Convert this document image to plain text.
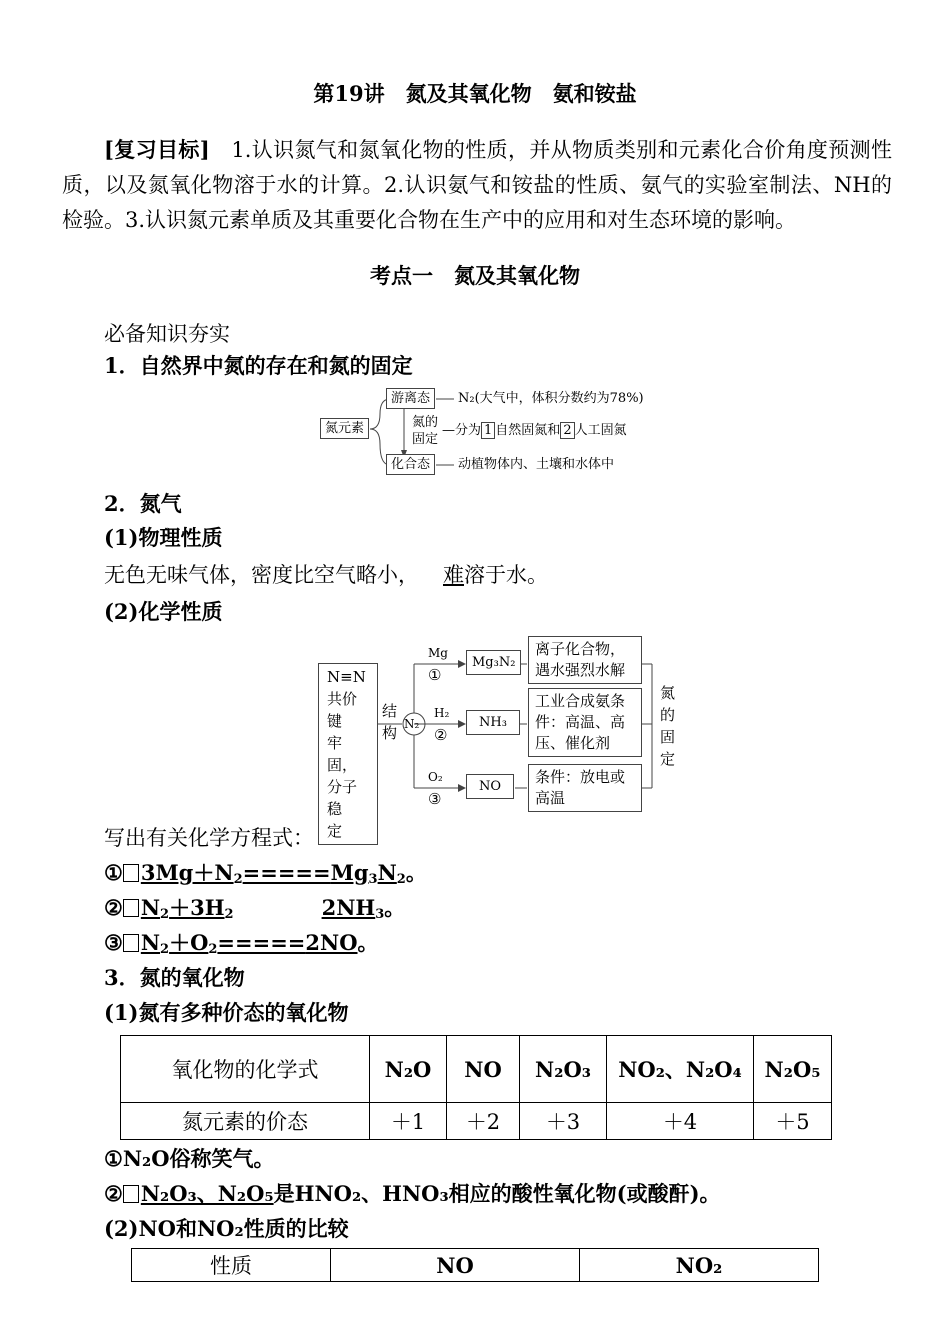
第19讲　氮及其氧化物　氨和铵盐
[复习目标]　1.认识氮气和氮氧化物的性质，并从物质类别和元素化合价角度预测性质，以及氮氧化物溶于水的计算。2.认识氨气和铵盐的性质、氨气的实验室制法、NH的检验。3.认识氮元素单质及其重要化合物在生产中的应用和对生态环境的影响。
考点一　氮及其氧化物
必备知识夯实
1．自然界中氮的存在和氮的固定
氮元素
游离态	N₂(大气中，体积分数约为78%)
氮的
固定
—分为 1 自然固氮和 2 人工固氮
化合态	动植物体内、土壤和水体中
2．氮气
(1)物理性质
无色无味气体，密度比空气略小， 难溶于水。
(2)化学性质
N≡N
共价键
牢固，
分子稳
定
结
构 N₂
Mg
①
Mg₃N₂
离子化合物，
遇水强烈水解
H₂
②
NH₃
工业合成氨条
件：高温、高
压、催化剂
O₂
③
NO
条件：放电或
高温
氮
的
固
定
写出有关化学方程式：
① $3Mg+N_2=====Mg_3N_2$。
② $N_2+3H_2$	$2NH_3$。
③ $N_2+O_2=====2NO$。
3．氮的氧化物
(1)氮有多种价态的氧化物
氧化物的化学式	N₂O	NO	N₂O₃	NO₂、N₂O₄	N₂O₅
氮元素的价态	＋1	＋2	＋3	＋4	＋5
①N₂O俗称笑气。
② N₂O₃、N₂O₅是HNO₂、HNO₃相应的酸性氧化物(或酸酐)。
(2)NO和NO₂性质的比较
性质	NO	NO₂
